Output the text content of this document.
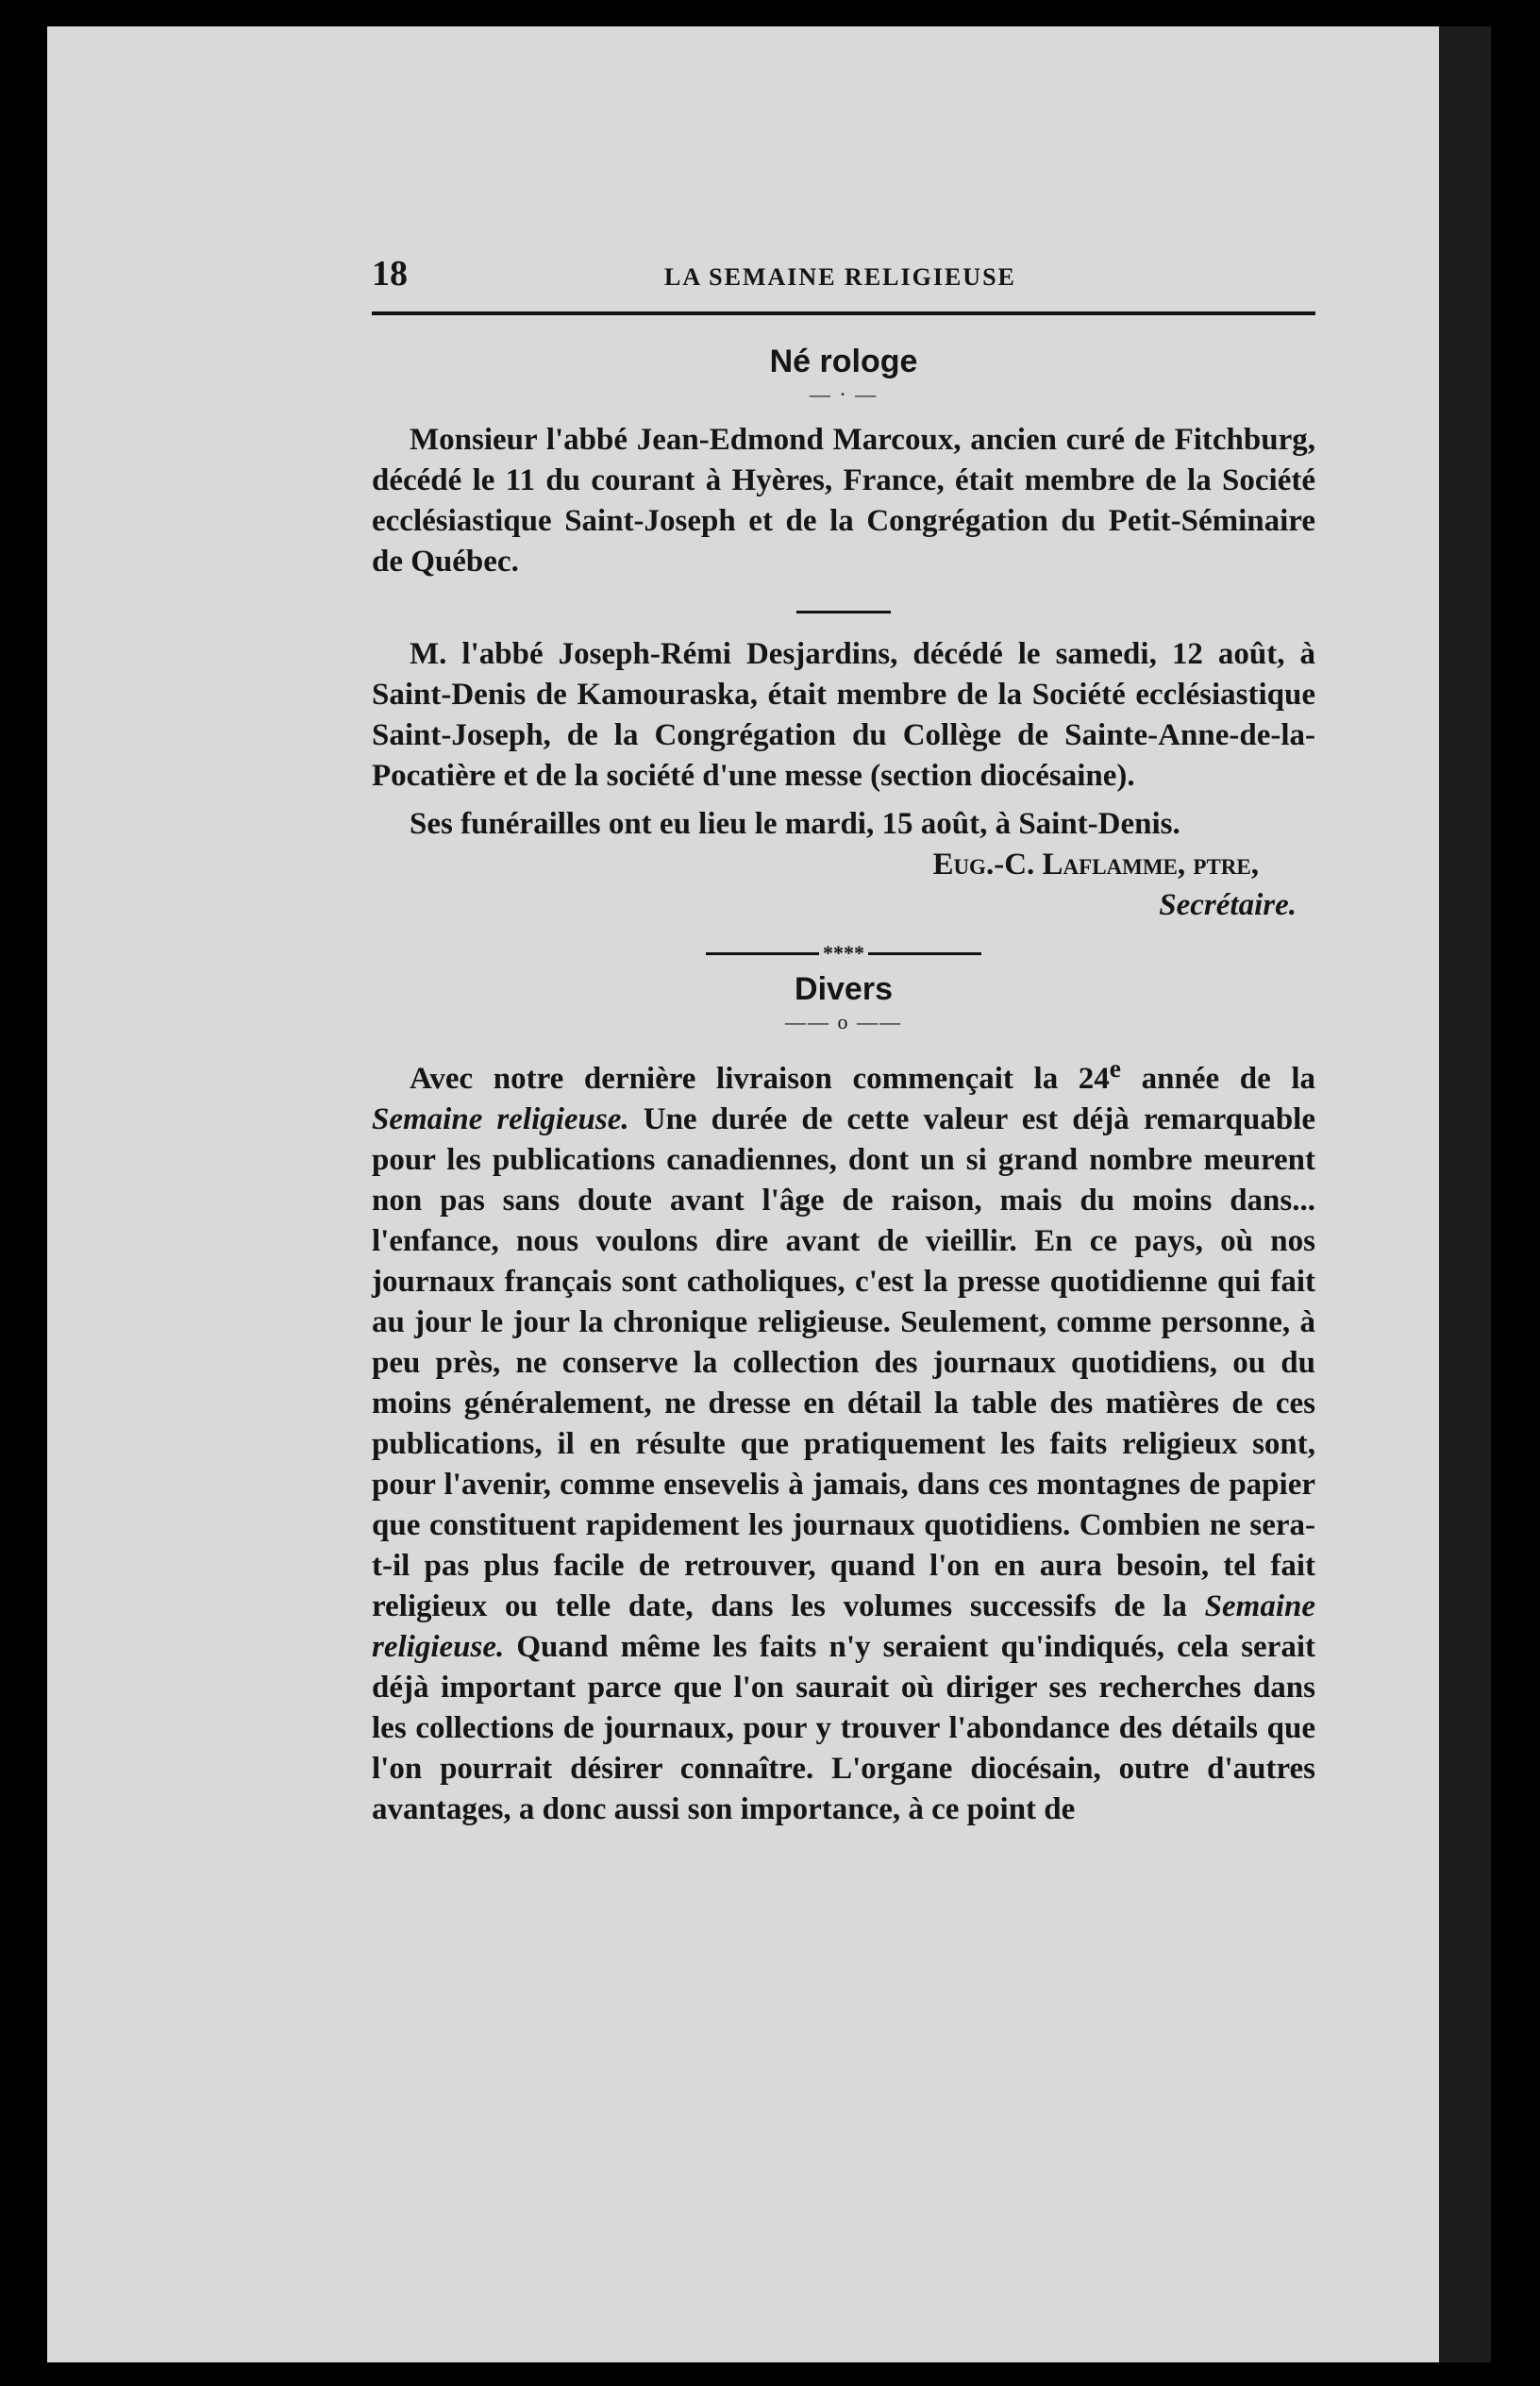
18	LA SEMAINE RELIGIEUSE
Né rologe
— · —

Monsieur l'abbé Jean-Edmond Marcoux, ancien curé de Fitchburg, décédé le 11 du courant à Hyères, France, était membre de la Société ecclésiastique Saint-Joseph et de la Congrégation du Petit-Séminaire de Québec.

M. l'abbé Joseph-Rémi Desjardins, décédé le samedi, 12 août, à Saint-Denis de Kamouraska, était membre de la Société ecclésiastique Saint-Joseph, de la Congrégation du Collège de Sainte-Anne-de-la-Pocatière et de la société d'une messe (section diocésaine).

Ses funérailles ont eu lieu le mardi, 15 août, à Saint-Denis.

Eug.-C. Laflamme, ptre,
Secrétaire.
****
Divers
—— o ——

Avec notre dernière livraison commençait la 24e année de la Semaine religieuse. Une durée de cette valeur est déjà remarquable pour les publications canadiennes, dont un si grand nombre meurent non pas sans doute avant l'âge de raison, mais du moins dans... l'enfance, nous voulons dire avant de vieillir. En ce pays, où nos journaux français sont catholiques, c'est la presse quotidienne qui fait au jour le jour la chronique religieuse. Seulement, comme personne, à peu près, ne conserve la collection des journaux quotidiens, ou du moins généralement, ne dresse en détail la table des matières de ces publications, il en résulte que pratiquement les faits religieux sont, pour l'avenir, comme ensevelis à jamais, dans ces montagnes de papier que constituent rapidement les journaux quotidiens. Combien ne sera-t-il pas plus facile de retrouver, quand l'on en aura besoin, tel fait religieux ou telle date, dans les volumes successifs de la Semaine religieuse. Quand même les faits n'y seraient qu'indiqués, cela serait déjà important parce que l'on saurait où diriger ses recherches dans les collections de journaux, pour y trouver l'abondance des détails que l'on pourrait désirer connaître. L'organe diocésain, outre d'autres avantages, a donc aussi son importance, à ce point de
